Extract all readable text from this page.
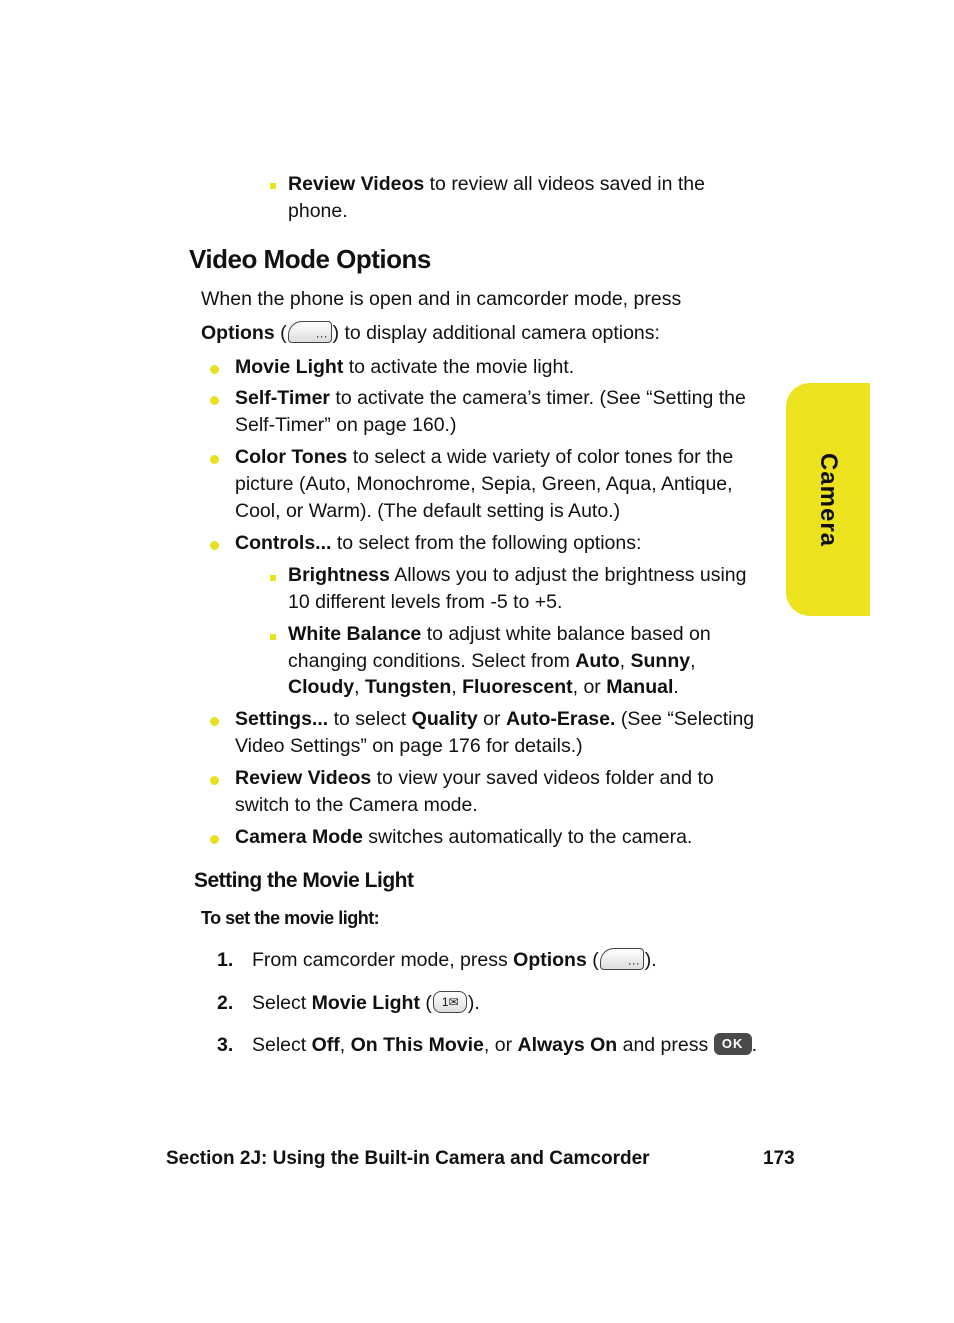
Review Videos to review all videos saved in the
phone.
Video Mode Options
When the phone is open and in camcorder mode, press
Options ( ··· ) to display additional camera options:
Movie Light to activate the movie light.
Self-Timer to activate the camera’s timer. (See “Setting the
Self-Timer” on page 160.)
Color Tones to select a wide variety of color tones for the
picture (Auto, Monochrome, Sepia, Green, Aqua, Antique,
Cool, or Warm). (The default setting is Auto.)
Controls... to select from the following options:
Brightness Allows you to adjust the brightness using
10 different levels from -5 to +5.
White Balance to adjust white balance based on
changing conditions. Select from Auto, Sunny,
Cloudy, Tungsten, Fluorescent, or Manual.
Settings... to select Quality or Auto-Erase. (See “Selecting
Video Settings” on page 176 for details.)
Review Videos to view your saved videos folder and to
switch to the Camera mode.
Camera Mode switches automatically to the camera.
Setting the Movie Light
To set the movie light:
1. From camcorder mode, press Options ( ··· ).
2. Select Movie Light ( 1✉ ).
3. Select Off, On This Movie, or Always On and press OK .
Section 2J: Using the Built-in Camera and Camcorder	173
Camera
